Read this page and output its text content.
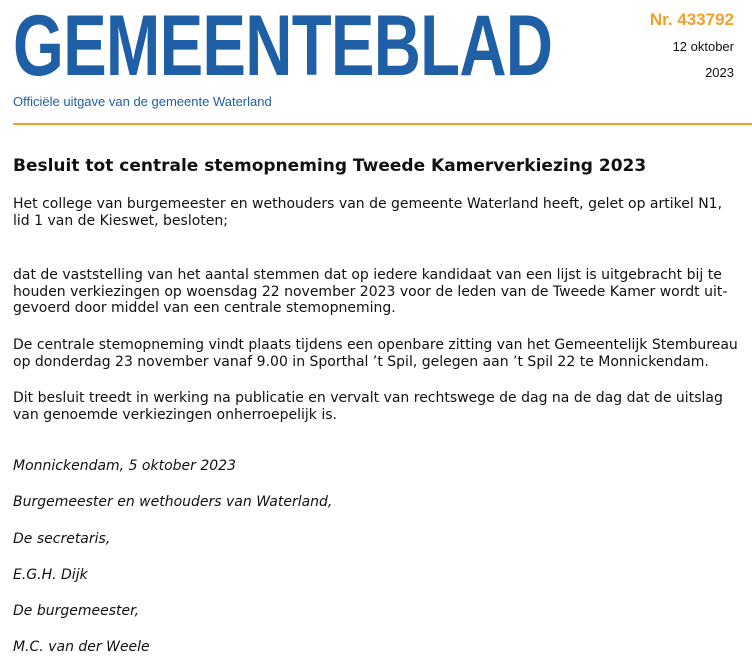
GEMEENTEBLAD
Officiële uitgave van de gemeente Waterland
Nr. 433792
12 oktober
2023
Besluit tot centrale stemopneming Tweede Kamerverkiezing 2023
Het college van burgemeester en wethouders van de gemeente Waterland heeft, gelet op artikel N1, lid 1 van de Kieswet, besloten;
dat de vaststelling van het aantal stemmen dat op iedere kandidaat van een lijst is uitgebracht bij te houden verkiezingen op woensdag 22 november 2023 voor de leden van de Tweede Kamer wordt uitgevoerd door middel van een centrale stemopneming.
De centrale stemopneming vindt plaats tijdens een openbare zitting van het Gemeentelijk Stembureau op donderdag 23 november vanaf 9.00 in Sporthal ’t Spil, gelegen aan ’t Spil 22 te Monnickendam.
Dit besluit treedt in werking na publicatie en vervalt van rechtswege de dag na de dag dat de uitslag van genoemde verkiezingen onherroepelijk is.
Monnickendam, 5 oktober 2023
Burgemeester en wethouders van Waterland,
De secretaris,
E.G.H. Dijk
De burgemeester,
M.C. van der Weele
